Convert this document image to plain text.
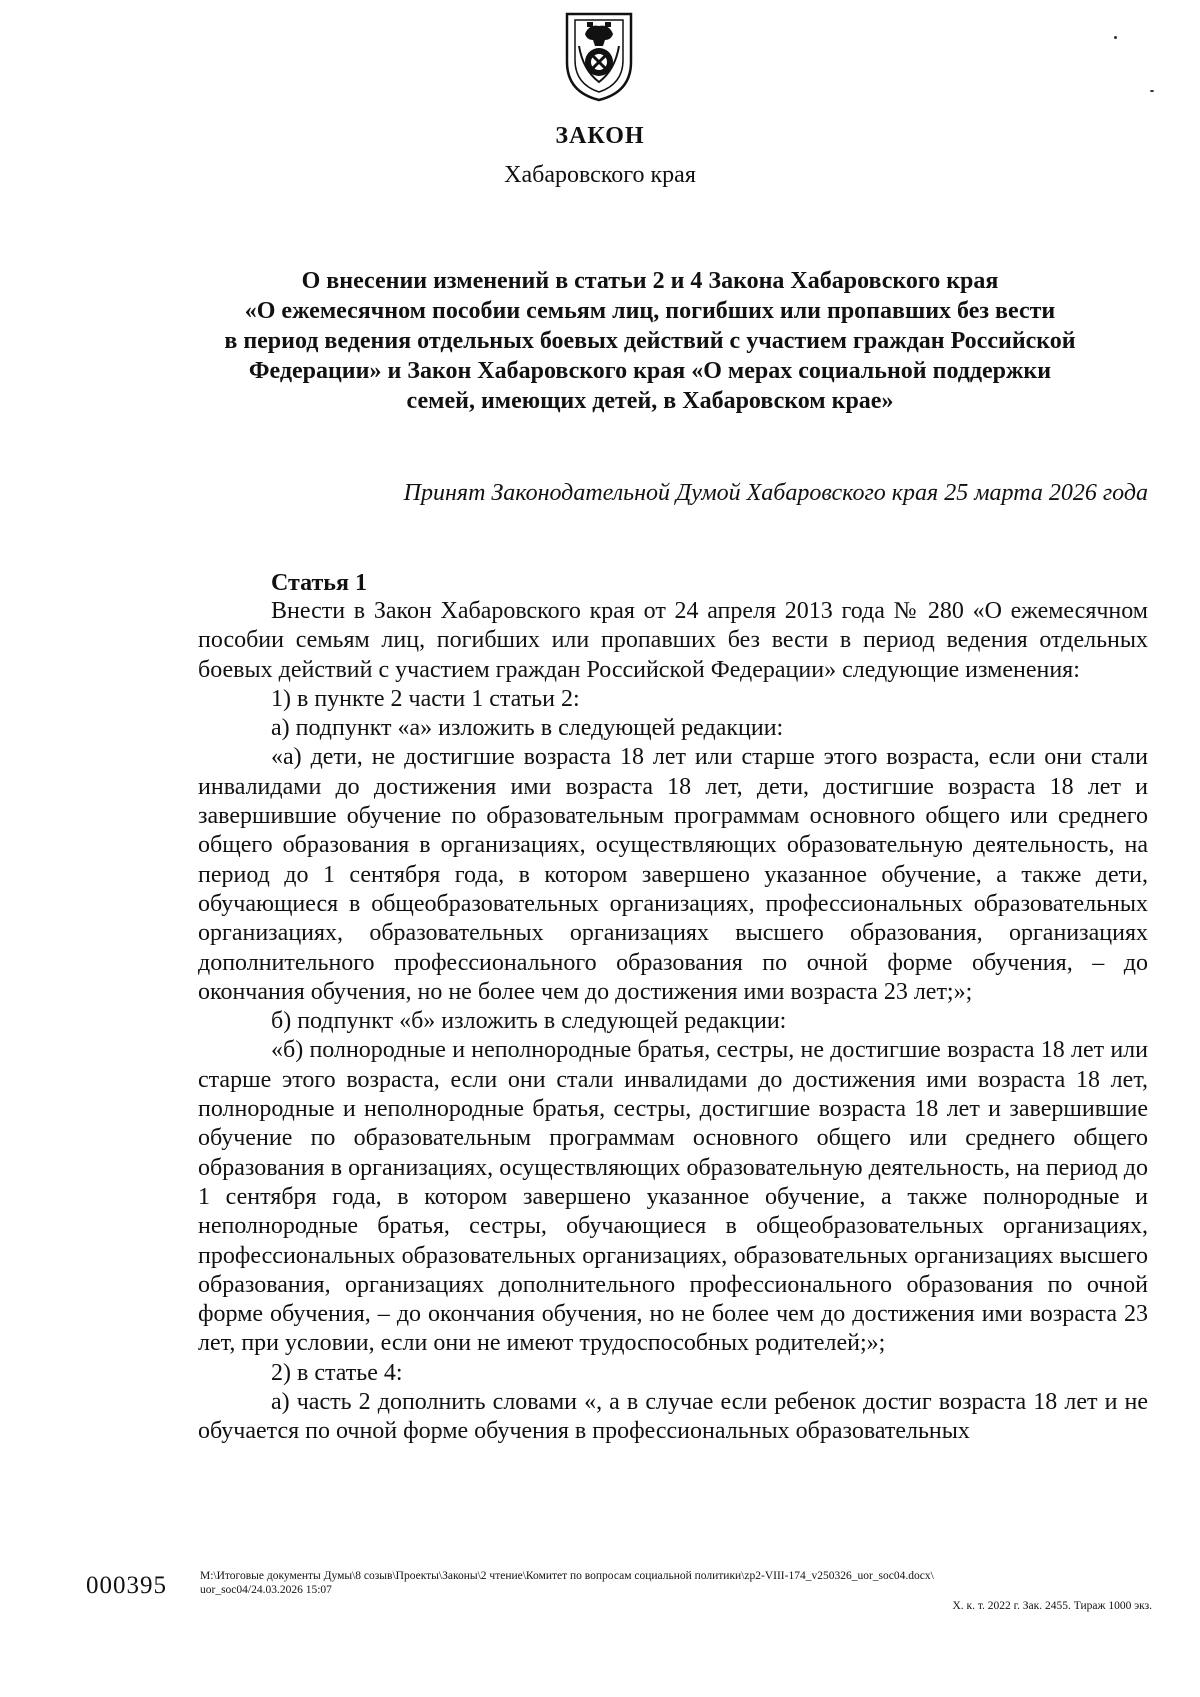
ЗАКОН
Хабаровского края
О внесении изменений в статьи 2 и 4 Закона Хабаровского края
«О ежемесячном пособии семьям лиц, погибших или пропавших без вести
в период ведения отдельных боевых действий с участием граждан Российской
Федерации» и Закон Хабаровского края «О мерах социальной поддержки
семей, имеющих детей, в Хабаровском крае»
Принят Законодательной Думой Хабаровского края 25 марта 2026 года
Статья 1

Внести в Закон Хабаровского края от 24 апреля 2013 года № 280 «О ежемесячном пособии семьям лиц, погибших или пропавших без вести в период ведения отдельных боевых действий с участием граждан Российской Федерации» следующие изменения:

1) в пункте 2 части 1 статьи 2:

а) подпункт «а» изложить в следующей редакции:

«а) дети, не достигшие возраста 18 лет или старше этого возраста, если они стали инвалидами до достижения ими возраста 18 лет, дети, достигшие возраста 18 лет и завершившие обучение по образовательным программам основного общего или среднего общего образования в организациях, осуществляющих образовательную деятельность, на период до 1 сентября года, в котором завершено указанное обучение, а также дети, обучающиеся в общеобразовательных организациях, профессиональных образовательных организациях, образовательных организациях высшего образования, организациях дополнительного профессионального образования по очной форме обучения, – до окончания обучения, но не более чем до достижения ими возраста 23 лет;»;

б) подпункт «б» изложить в следующей редакции:

«б) полнородные и неполнородные братья, сестры, не достигшие возраста 18 лет или старше этого возраста, если они стали инвалидами до достижения ими возраста 18 лет, полнородные и неполнородные братья, сестры, достигшие возраста 18 лет и завершившие обучение по образовательным программам основного общего или среднего общего образования в организациях, осуществляющих образовательную деятельность, на период до 1 сентября года, в котором завершено указанное обучение, а также полнородные и неполнородные братья, сестры, обучающиеся в общеобразовательных организациях, профессиональных образовательных организациях, образовательных организациях высшего образования, организациях дополнительного профессионального образования по очной форме обучения, – до окончания обучения, но не более чем до достижения ими возраста 23 лет, при условии, если они не имеют трудоспособных родителей;»;

2) в статье 4:

а) часть 2 дополнить словами «, а в случае если ребенок достиг возраста 18 лет и не обучается по очной форме обучения в профессиональных образовательных

000395	М:\Итоговые документы Думы\8 созыв\Проекты\Законы\2 чтение\Комитет по вопросам социальной политики\zp2-VIII-174_v250326_uor_soc04.docx\
uor_soc04/24.03.2026 15:07
Х. к. т. 2022 г. Зак. 2455. Тираж 1000 экз.
